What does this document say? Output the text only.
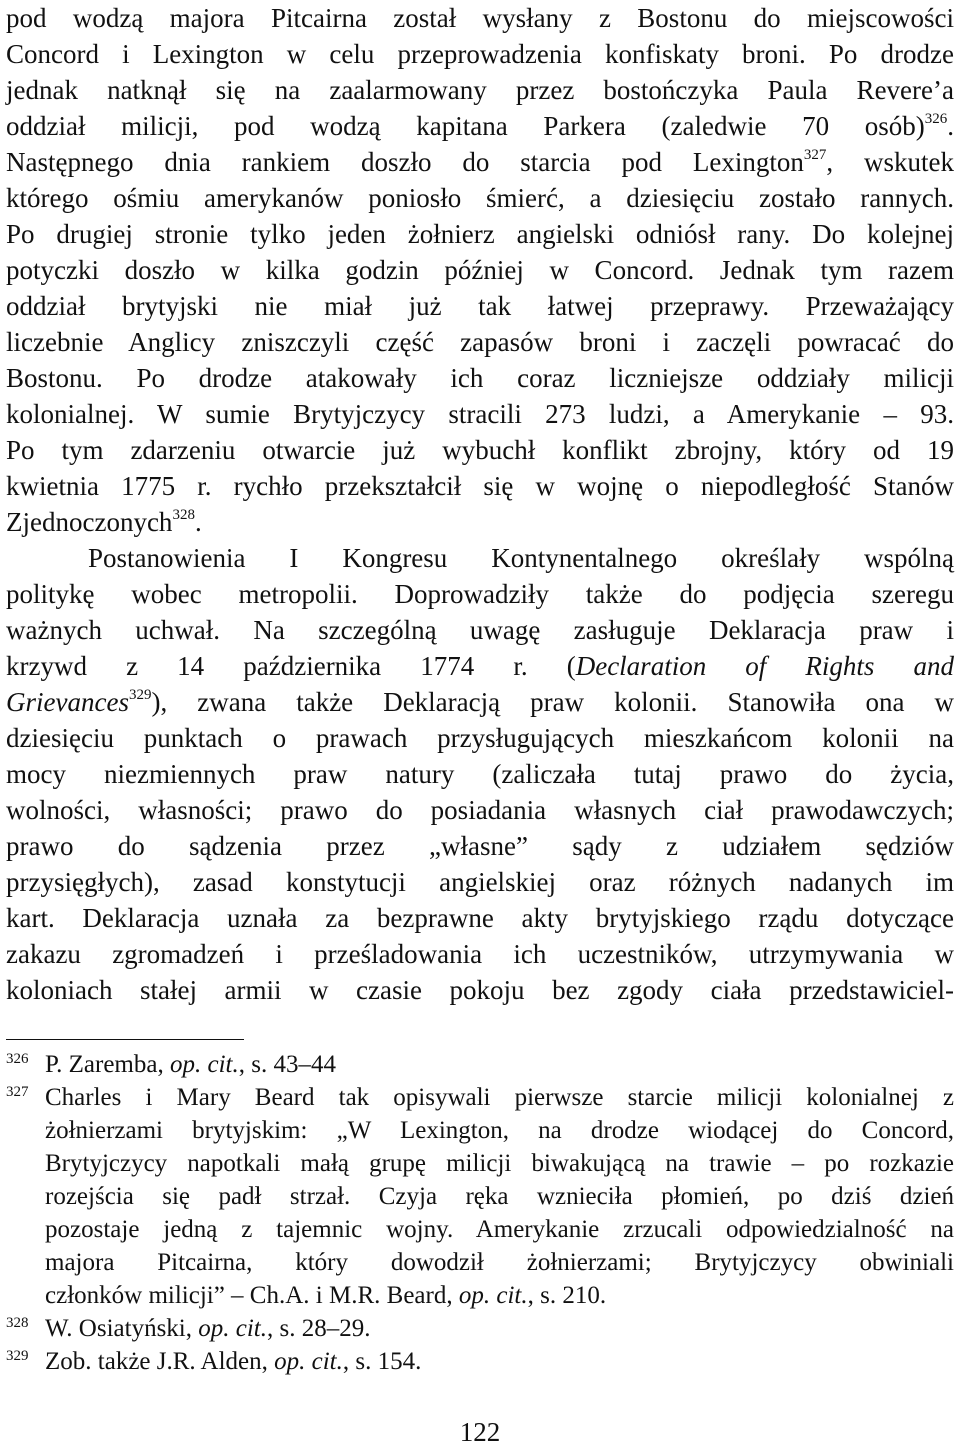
pod wodzą majora Pitcairna został wysłany z Bostonu do miejscowości
Concord i Lexington w celu przeprowadzenia konfiskaty broni. Po drodze
jednak natknął się na zaalarmowany przez bostończyka Paula Revere’a
oddział milicji, pod wodzą kapitana Parkera (zaledwie 70 osób)$^{326}$.
Następnego dnia rankiem doszło do starcia pod Lexington$^{327}$, wskutek
którego ośmiu amerykanów poniosło śmierć, a dziesięciu zostało rannych.
Po drugiej stronie tylko jeden żołnierz angielski odniósł rany. Do kolejnej
potyczki doszło w kilka godzin później w Concord. Jednak tym razem
oddział brytyjski nie miał już tak łatwej przeprawy. Przeważający
liczebnie Anglicy zniszczyli część zapasów broni i zaczęli powracać do
Bostonu. Po drodze atakowały ich coraz liczniejsze oddziały milicji
kolonialnej. W sumie Brytyjczycy stracili 273 ludzi, a Amerykanie – 93.
Po tym zdarzeniu otwarcie już wybuchł konflikt zbrojny, który od 19
kwietnia 1775 r. rychło przekształcił się w wojnę o niepodległość Stanów
Zjednoczonych$^{328}$.
Postanowienia I Kongresu Kontynentalnego określały wspólną
politykę wobec metropolii. Doprowadziły także do podjęcia szeregu
ważnych uchwał. Na szczególną uwagę zasługuje Deklaracja praw i
krzywd z 14 października 1774 r. (Declaration of Rights and
Grievances$^{329}$), zwana także Deklaracją praw kolonii. Stanowiła ona w
dziesięciu punktach o prawach przysługujących mieszkańcom kolonii na
mocy niezmiennych praw natury (zaliczała tutaj prawo do życia,
wolności, własności; prawo do posiadania własnych ciał prawodawczych;
prawo do sądzenia przez „własne” sądy z udziałem sędziów
przysięgłych), zasad konstytucji angielskiej oraz różnych nadanych im
kart. Deklaracja uznała za bezprawne akty brytyjskiego rządu dotyczące
zakazu zgromadzeń i prześladowania ich uczestników, utrzymywania w
koloniach stałej armii w czasie pokoju bez zgody ciała przedstawiciel-
326 P. Zaremba, op. cit., s. 43–44
327 Charles i Mary Beard tak opisywali pierwsze starcie milicji kolonialnej z
żołnierzami brytyjskim: „W Lexington, na drodze wiodącej do Concord,
Brytyjczycy napotkali małą grupę milicji biwakującą na trawie – po rozkazie
rozejścia się padł strzał. Czyja ręka wznieciła płomień, po dziś dzień
pozostaje jedną z tajemnic wojny. Amerykanie zrzucali odpowiedzialność na
majora Pitcairna, który dowodził żołnierzami; Brytyjczycy obwiniali
członków milicji” – Ch.A. i M.R. Beard, op. cit., s. 210.
328 W. Osiatyński, op. cit., s. 28–29.
329 Zob. także J.R. Alden, op. cit., s. 154.
122
